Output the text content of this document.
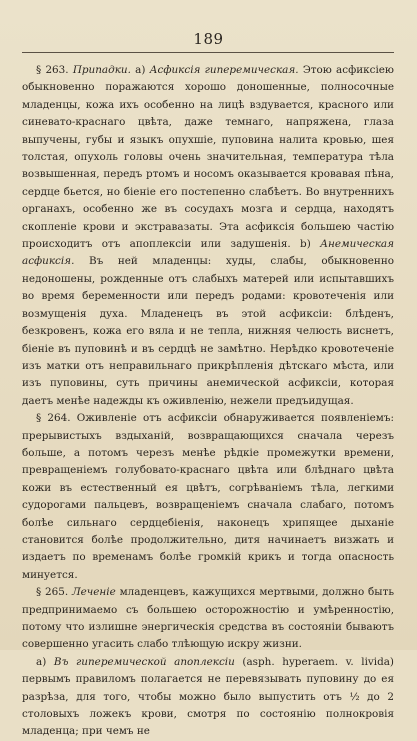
189

§ 263. Припадки. a) Асфиксія гиперемическая. Этою асфиксіею обыкновенно поражаются хорошо доношенные, полносочные младенцы, кожа ихъ особенно на лицѣ вздувается, красного или синевато-краснаго цвѣта, даже темнаго, напряжена, глаза выпучены, губы и языкъ опухшіе, пуповина налита кровью, шея толстая, опухоль головы очень значительная, температура тѣла возвышенная, передъ ртомъ и носомъ оказывается кровавая пѣна, сердце бьется, но біеніе его постепенно слабѣетъ. Во внутреннихъ органахъ, особенно же въ сосудахъ мозга и сердца, находятъ скопленіе крови и экстравазаты. Эта асфиксія большею частію происходитъ отъ апоплексіи или задушенія. b) Анемическая асфиксія. Въ ней младенцы: худы, слабы, обыкновенно недоношены, рожденные отъ слабыхъ матерей или испытавшихъ во время беременности или передъ родами: кровотеченія или возмущенія духа. Младенецъ въ этой асфиксіи: блѣденъ, безкровенъ, кожа его вяла и не тепла, нижняя челюсть виснетъ, біеніе въ пуповинѣ и въ сердцѣ не замѣтно. Нерѣдко кровотеченіе изъ матки отъ неправильнаго прикрѣпленія дѣтскаго мѣста, или изъ пуповины, суть причины анемической асфиксіи, которая даетъ менѣе надежды къ оживленію, нежели предъидущая.

§ 264. Оживленіе отъ асфиксіи обнаруживается появленіемъ: прерывистыхъ вздыханій, возвращающихся сначала черезъ больше, а потомъ черезъ менѣе рѣдкіе промежутки времени, превращеніемъ голубовато-краснаго цвѣта или блѣднаго цвѣта кожи въ естественный ея цвѣтъ, согрѣваніемъ тѣла, легкими судорогами пальцевъ, возвращеніемъ сначала слабаго, потомъ болѣе сильнаго сердцебіенія, наконецъ хрипящее дыханіе становится болѣе продолжительно, дитя начинаетъ визжать и издаетъ по временамъ болѣе громкій крикъ и тогда опасность минуется.

§ 265. Леченіе младенцевъ, кажущихся мертвыми, должно быть предпринимаемо съ большею осторожностію и умѣренностію, потому что излишне энергическія средства въ состояніи бываютъ совершенно угасить слабо тлѣющую искру жизни.

a) Въ гиперемической апоплексіи (asph. hyperaem. v. livida) первымъ правиломъ полагается не перевязывать пуповину до ея разрѣза, для того, чтобы можно было выпустить отъ ½ до 2 столовыхъ ложекъ крови, смотря по состоянію полнокровія младенца; при чемъ не
